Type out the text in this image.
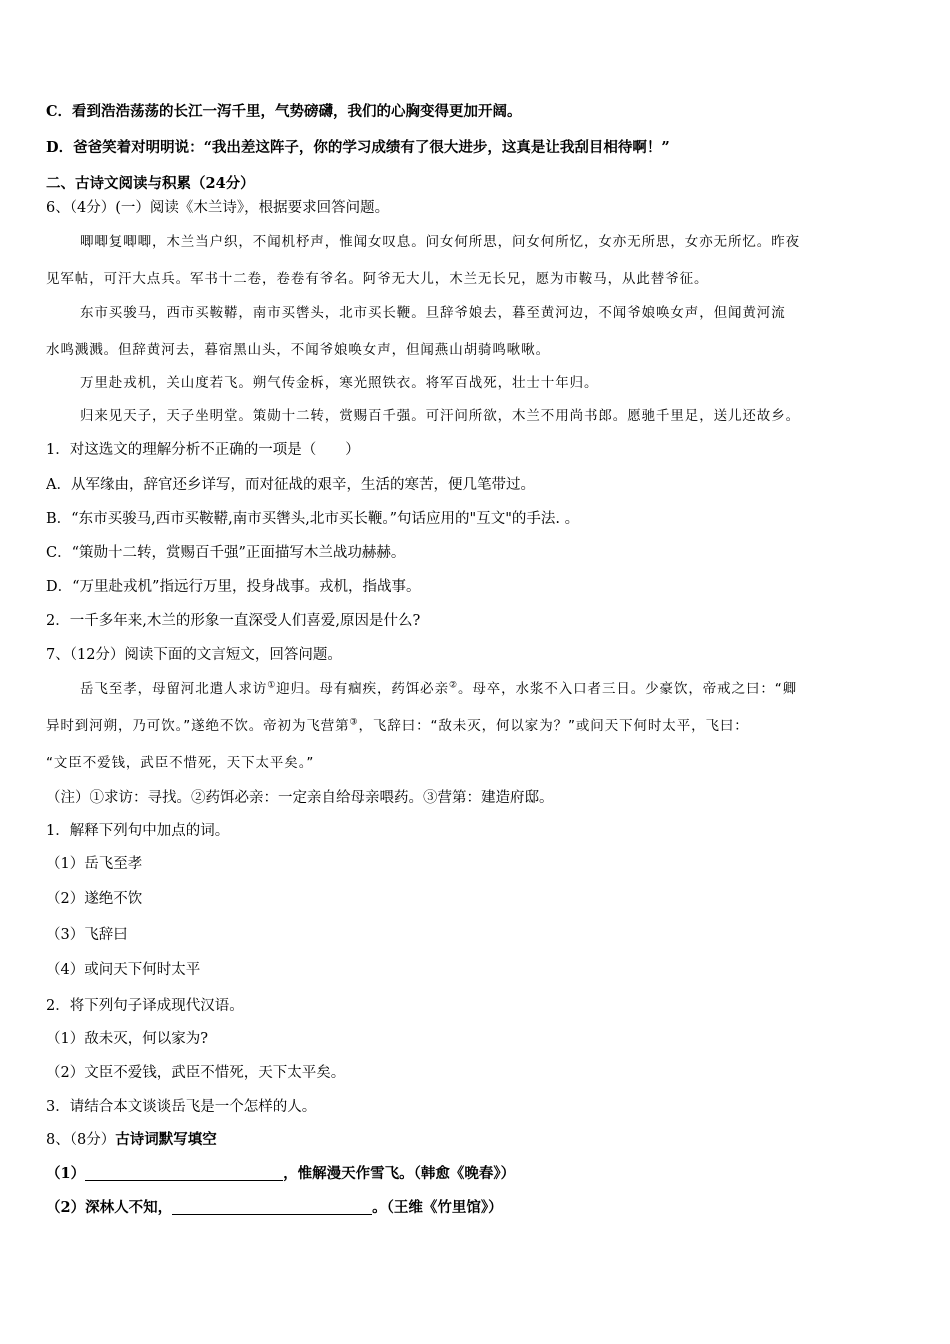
C．看到浩浩荡荡的长江一泻千里，气势磅礴，我们的心胸变得更加开阔。
D．爸爸笑着对明明说：“我出差这阵子，你的学习成绩有了很大进步，这真是让我刮目相待啊！”
二、古诗文阅读与积累（24分）
6、（4分）(一）阅读《木兰诗》，根据要求回答问题。
唧唧复唧唧，木兰当户织，不闻机杼声，惟闻女叹息。问女何所思，问女何所忆，女亦无所思，女亦无所忆。昨夜
见军帖，可汗大点兵。军书十二卷，卷卷有爷名。阿爷无大儿，木兰无长兄，愿为市鞍马，从此替爷征。
东市买骏马，西市买鞍鞯，南市买辔头，北市买长鞭。旦辞爷娘去，暮至黄河边，不闻爷娘唤女声，但闻黄河流
水鸣溅溅。但辞黄河去，暮宿黑山头，不闻爷娘唤女声，但闻燕山胡骑鸣啾啾。
万里赴戎机，关山度若飞。朔气传金柝，寒光照铁衣。将军百战死，壮士十年归。
归来见天子，天子坐明堂。策勋十二转，赏赐百千强。可汗问所欲，木兰不用尚书郎。愿驰千里足，送儿还故乡。
1．对这选文的理解分析不正确的一项是（　　）
A．从军缘由，辞官还乡详写，而对征战的艰辛，生活的寒苦，便几笔带过。
B．“东市买骏马,西市买鞍鞯,南市买辔头,北市买长鞭。”句话应用的"互文"的手法. 。
C．“策勋十二转，赏赐百千强”正面描写木兰战功赫赫。
D．“万里赴戎机”指远行万里，投身战事。戎机，指战事。
2．一千多年来,木兰的形象一直深受人们喜爱,原因是什么?
7、（12分）阅读下面的文言短文，回答问题。
岳飞至孝，母留河北遣人求访①迎归。母有痼疾，药饵必亲②。母卒，水浆不入口者三日。少豪饮，帝戒之曰：“卿
异时到河朔，乃可饮。”遂绝不饮。帝初为飞营第③，飞辞曰：“敌未灭，何以家为？”或问天下何时太平，飞曰：
“文臣不爱钱，武臣不惜死，天下太平矣。”
（注）①求访：寻找。②药饵必亲：一定亲自给母亲喂药。③营第：建造府邸。
1．解释下列句中加点的词。
（1）岳飞至孝
（2）遂绝不饮
（3）飞辞曰
（4）或问天下何时太平
2．将下列句子译成现代汉语。
（1）敌未灭，何以家为?
（2）文臣不爱钱，武臣不惜死，天下太平矣。
3．请结合本文谈谈岳飞是一个怎样的人。
8、（8分）古诗词默写填空
（1）	，惟解漫天作雪飞。（韩愈《晚春》）
（2）深林人不知，	。（王维《竹里馆》）
